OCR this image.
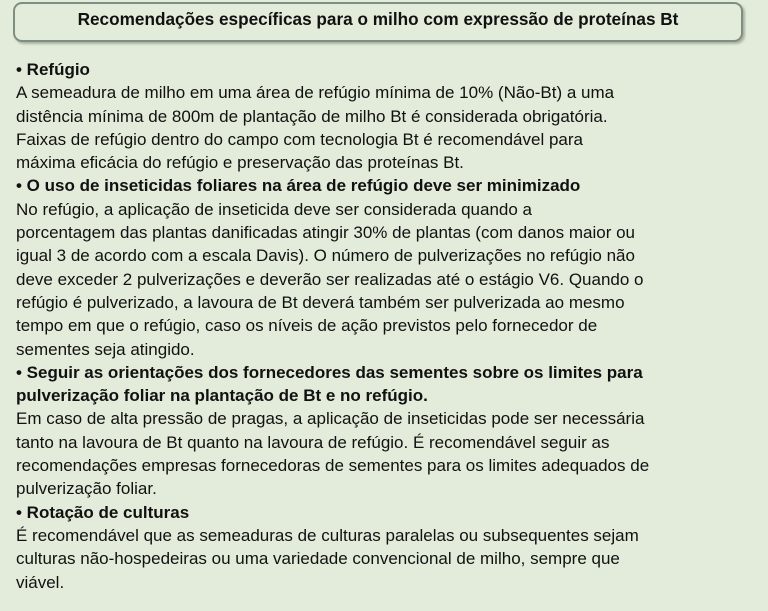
Recomendações específicas para o milho com expressão de proteínas Bt

• Refúgio

A semeadura de milho em uma área de refúgio mínima de 10% (Não-Bt) a uma

distência mínima de 800m de plantação de milho Bt é considerada obrigatória.

Faixas de refúgio dentro do campo com tecnologia Bt é recomendável para

máxima eficácia do refúgio e preservação das proteínas Bt.

• O uso de inseticidas foliares na área de refúgio deve ser minimizado

No refúgio, a aplicação de inseticida deve ser considerada quando a

porcentagem das plantas danificadas atingir 30% de plantas (com danos maior ou

igual 3 de acordo com a escala Davis). O número de pulverizações no refúgio não

deve exceder 2 pulverizações e deverão ser realizadas até o estágio V6. Quando o

refúgio é pulverizado, a lavoura de Bt deverá também ser pulverizada ao mesmo

tempo em que o refúgio, caso os níveis de ação previstos pelo fornecedor de

sementes seja atingido.

• Seguir as orientações dos fornecedores das sementes sobre os limites para

pulverização foliar na plantação de Bt e no refúgio.

Em caso de alta pressão de pragas, a aplicação de inseticidas pode ser necessária

tanto na lavoura de Bt quanto na lavoura de refúgio. É recomendável seguir as

recomendações empresas fornecedoras de sementes para os limites adequados de

pulverização foliar.

• Rotação de culturas

É recomendável que as semeaduras de culturas paralelas ou subsequentes sejam

culturas não-hospedeiras ou uma variedade convencional de milho, sempre que

viável.
